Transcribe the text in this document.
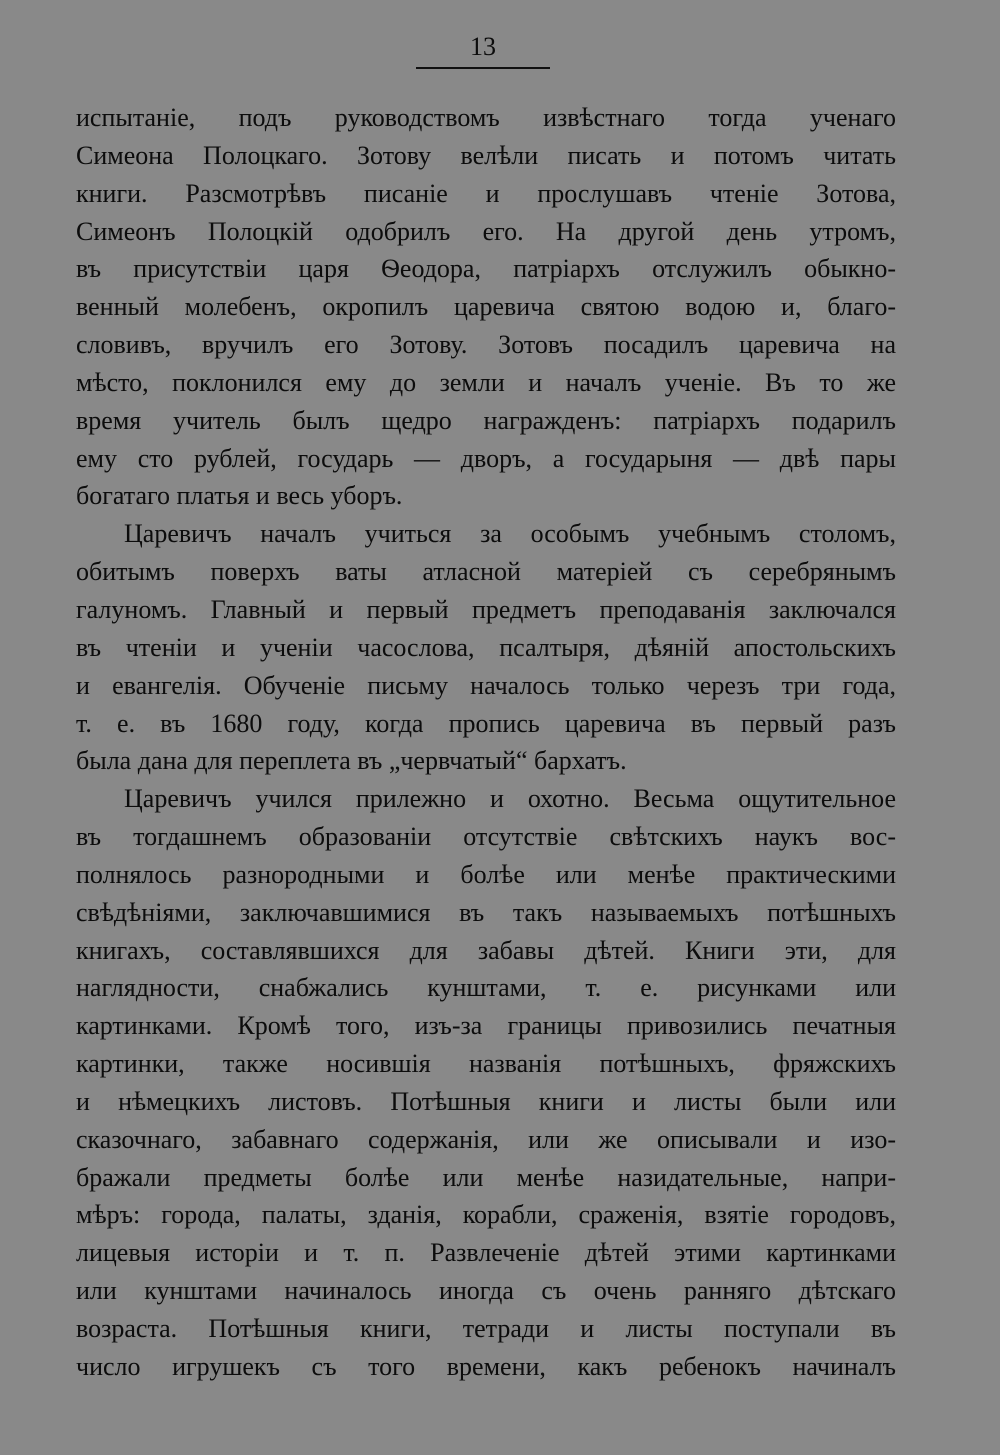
13
испытаніе, подъ руководствомъ извѣстнаго тогда ученаго
Симеона Полоцкаго. Зотову велѣли писать и потомъ читать
книги. Разсмотрѣвъ писаніе и прослушавъ чтеніе Зотова,
Симеонъ Полоцкій одобрилъ его. На другой день утромъ,
въ присутствіи царя Ѳеодора, патріархъ отслужилъ обыкно-
венный молебенъ, окропилъ царевича святою водою и, благо-
словивъ, вручилъ его Зотову. Зотовъ посадилъ царевича на
мѣсто, поклонился ему до земли и началъ ученіе. Въ то же
время учитель былъ щедро награжденъ: патріархъ подарилъ
ему сто рублей, государь — дворъ, а государыня — двѣ пары
богатаго платья и весь уборъ.
Царевичъ началъ учиться за особымъ учебнымъ столомъ,
обитымъ поверхъ ваты атласной матеріей съ серебрянымъ
галуномъ. Главный и первый предметъ преподаванія заключался
въ чтеніи и ученіи часослова, псалтыря, дѣяній апостольскихъ
и евангелія. Обученіе письму началось только черезъ три года,
т. е. въ 1680 году, когда пропись царевича въ первый разъ
была дана для переплета въ „червчатый“ бархатъ.
Царевичъ учился прилежно и охотно. Весьма ощутительное
въ тогдашнемъ образованіи отсутствіе свѣтскихъ наукъ вос-
полнялось разнородными и болѣе или менѣе практическими
свѣдѣніями, заключавшимися въ такъ называемыхъ потѣшныхъ
книгахъ, составлявшихся для забавы дѣтей. Книги эти, для
наглядности, снабжались кунштами, т. е. рисунками или
картинками. Кромѣ того, изъ-за границы привозились печатныя
картинки, также носившія названія потѣшныхъ, фряжскихъ
и нѣмецкихъ листовъ. Потѣшныя книги и листы были или
сказочнаго, забавнаго содержанія, или же описывали и изо-
бражали предметы болѣе или менѣе назидательные, напри-
мѣръ: города, палаты, зданія, корабли, сраженія, взятіе городовъ,
лицевыя исторіи и т. п. Развлеченіе дѣтей этими картинками
или кунштами начиналось иногда съ очень ранняго дѣтскаго
возраста. Потѣшныя книги, тетради и листы поступали въ
число игрушекъ съ того времени, какъ ребенокъ начиналъ
